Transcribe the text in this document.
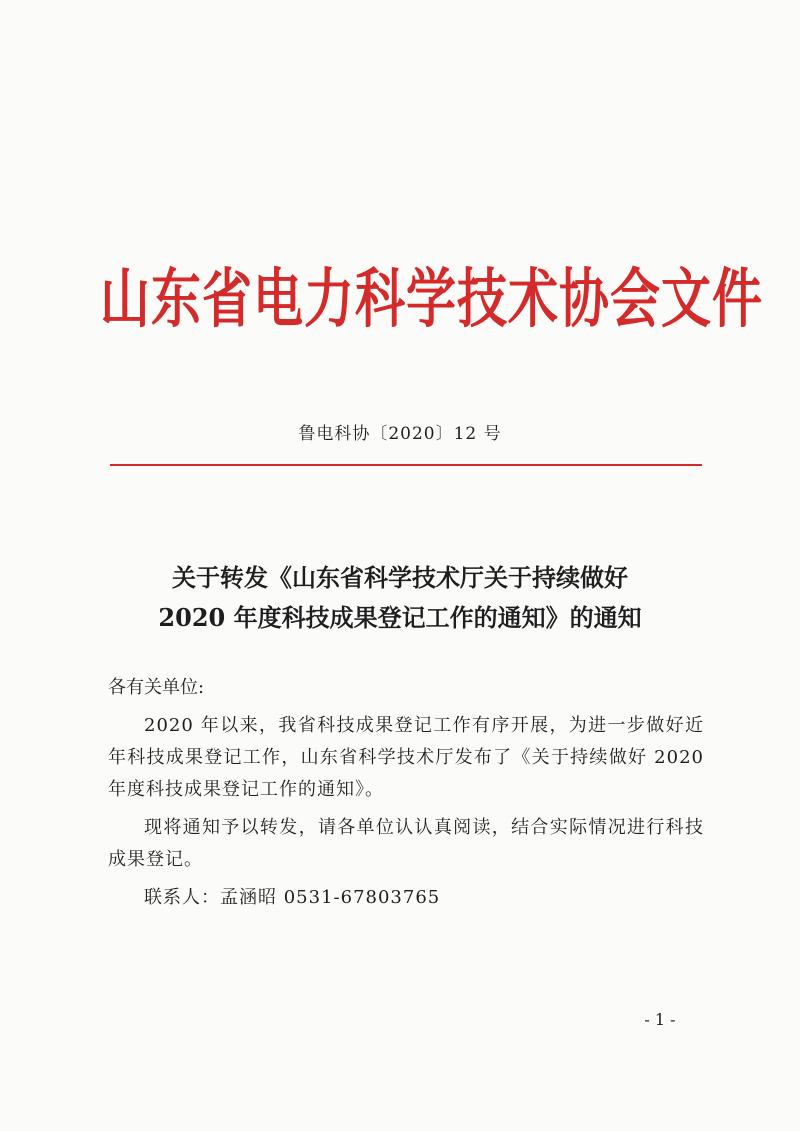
山东省电力科学技术协会文件
鲁电科协〔2020〕12 号
关于转发《山东省科学技术厅关于持续做好
2020 年度科技成果登记工作的通知》的通知

各有关单位:

2020 年以来，我省科技成果登记工作有序开展，为进一步做好近年科技成果登记工作，山东省科学技术厅发布了《关于持续做好 2020 年度科技成果登记工作的通知》。

现将通知予以转发，请各单位认认真阅读，结合实际情况进行科技成果登记。

联系人：孟涵昭 0531-67803765

- 1 -
